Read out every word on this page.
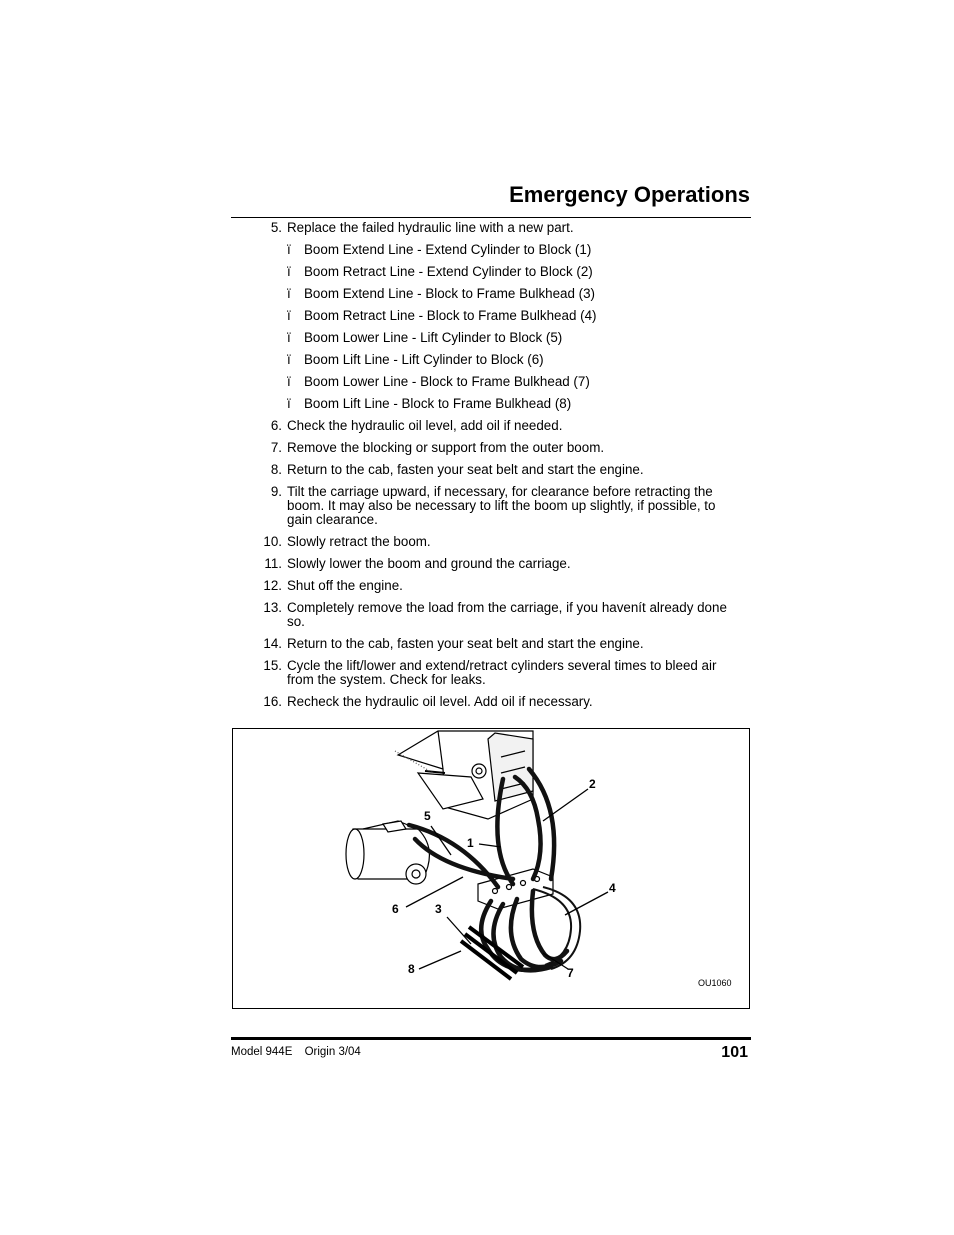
Emergency Operations
5. Replace the failed hydraulic line with a new part.
ï Boom Extend Line - Extend Cylinder to Block (1)
ï Boom Retract Line - Extend Cylinder to Block (2)
ï Boom Extend Line - Block to Frame Bulkhead (3)
ï Boom Retract Line - Block to Frame Bulkhead (4)
ï Boom Lower Line - Lift Cylinder to Block (5)
ï Boom Lift Line - Lift Cylinder to Block (6)
ï Boom Lower Line - Block to Frame Bulkhead (7)
ï Boom Lift Line - Block to Frame Bulkhead (8)
6. Check the hydraulic oil level, add oil if needed.
7. Remove the blocking or support from the outer boom.
8. Return to the cab, fasten your seat belt and start the engine.
9. Tilt the carriage upward, if necessary, for clearance before retracting the
boom. It may also be necessary to lift the boom up slightly, if possible, to
gain clearance.
10. Slowly retract the boom.
11. Slowly lower the boom and ground the carriage.
12. Shut off the engine.
13. Completely remove the load from the carriage, if you havenít already done
so.
14. Return to the cab, fasten your seat belt and start the engine.
15. Cycle the lift/lower and extend/retract cylinders several times to bleed air
from the system. Check for leaks.
16. Recheck the hydraulic oil level. Add oil if necessary.
5
1
2
4
6	3
8	7
OU1060
Model 944E Origin 3/04	101
